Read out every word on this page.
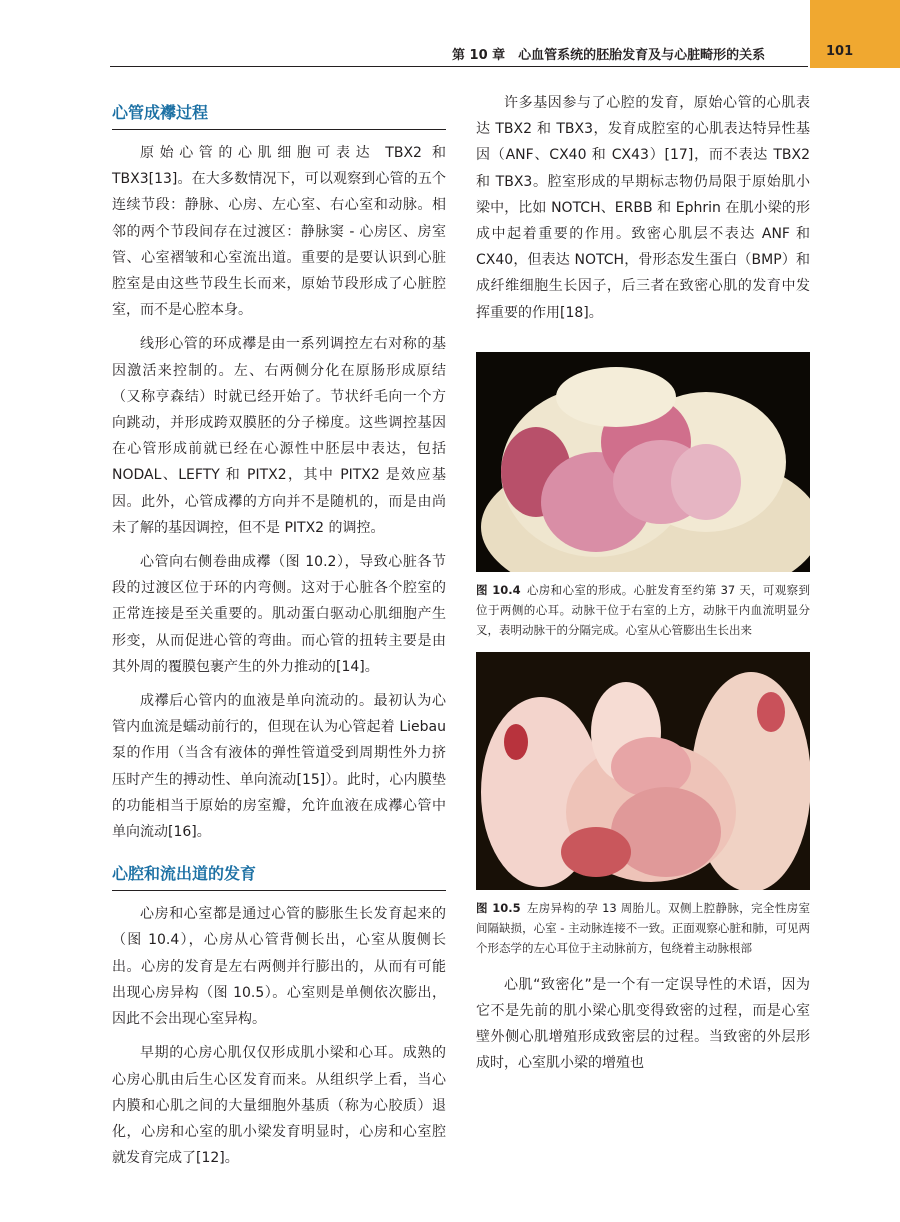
第 10 章　心血管系统的胚胎发育及与心脏畸形的关系	101
心管成襻过程

原始心管的心肌细胞可表达 TBX2 和 TBX3[13]。在大多数情况下，可以观察到心管的五个连续节段：静脉、心房、左心室、右心室和动脉。相邻的两个节段间存在过渡区：静脉窦 - 心房区、房室管、心室褶皱和心室流出道。重要的是要认识到心脏腔室是由这些节段生长而来，原始节段形成了心脏腔室，而不是心腔本身。

线形心管的环成襻是由一系列调控左右对称的基因激活来控制的。左、右两侧分化在原肠形成原结（又称亨森结）时就已经开始了。节状纤毛向一个方向跳动，并形成跨双膜胚的分子梯度。这些调控基因在心管形成前就已经在心源性中胚层中表达，包括 NODAL、LEFTY 和 PITX2，其中 PITX2 是效应基因。此外，心管成襻的方向并不是随机的，而是由尚未了解的基因调控，但不是 PITX2 的调控。

心管向右侧卷曲成襻（图 10.2），导致心脏各节段的过渡区位于环的内弯侧。这对于心脏各个腔室的正常连接是至关重要的。肌动蛋白驱动心肌细胞产生形变，从而促进心管的弯曲。而心管的扭转主要是由其外周的覆膜包裹产生的外力推动的[14]。

成襻后心管内的血液是单向流动的。最初认为心管内血流是蠕动前行的，但现在认为心管起着 Liebau 泵的作用（当含有液体的弹性管道受到周期性外力挤压时产生的搏动性、单向流动[15]）。此时，心内膜垫的功能相当于原始的房室瓣，允许血液在成襻心管中单向流动[16]。

心腔和流出道的发育

心房和心室都是通过心管的膨胀生长发育起来的（图 10.4），心房从心管背侧长出，心室从腹侧长出。心房的发育是左右两侧并行膨出的，从而有可能出现心房异构（图 10.5）。心室则是单侧依次膨出，因此不会出现心室异构。

早期的心房心肌仅仅形成肌小梁和心耳。成熟的心房心肌由后生心区发育而来。从组织学上看，当心内膜和心肌之间的大量细胞外基质（称为心胶质）退化，心房和心室的肌小梁发育明显时，心房和心室腔就发育完成了[12]。

许多基因参与了心腔的发育，原始心管的心肌表达 TBX2 和 TBX3，发育成腔室的心肌表达特异性基因（ANF、CX40 和 CX43）[17]，而不表达 TBX2 和 TBX3。腔室形成的早期标志物仍局限于原始肌小梁中，比如 NOTCH、ERBB 和 Ephrin 在肌小梁的形成中起着重要的作用。致密心肌层不表达 ANF 和 CX40，但表达 NOTCH，骨形态发生蛋白（BMP）和成纤维细胞生长因子，后三者在致密心肌的发育中发挥重要的作用[18]。

图 10.4 心房和心室的形成。心脏发育至约第 37 天，可观察到位于两侧的心耳。动脉干位于右室的上方，动脉干内血流明显分叉，表明动脉干的分隔完成。心室从心管膨出生长出来

图 10.5 左房异构的孕 13 周胎儿。双侧上腔静脉，完全性房室间隔缺损，心室 - 主动脉连接不一致。正面观察心脏和肺，可见两个形态学的左心耳位于主动脉前方，包绕着主动脉根部

心肌“致密化”是一个有一定误导性的术语，因为它不是先前的肌小梁心肌变得致密的过程，而是心室壁外侧心肌增殖形成致密层的过程。当致密的外层形成时，心室肌小梁的增殖也
